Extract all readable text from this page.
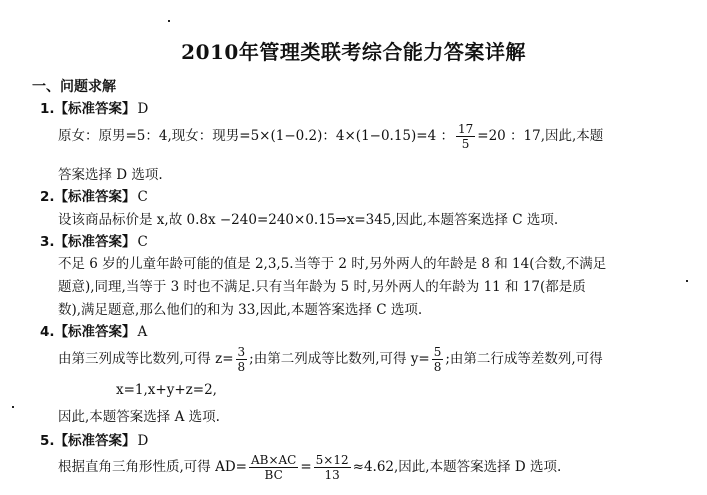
2010年管理类联考综合能力答案详解
一、问题求解
1.【标准答案】 D
原女：原男=5：4,现女：现男=5×(1−0.2)：4×(1−0.15)=4 ： $\frac{17}{5} =20$ ：17,因此,本题
答案选择 D 选项.
2.【标准答案】 C
设该商品标价是 x,故 0.8x −240=240×0.15⇒x=345,因此,本题答案选择 C 选项.
3.【标准答案】 C
不足 6 岁的儿童年龄可能的值是 2,3,5.当等于 2 时,另外两人的年龄是 8 和 14(合数,不满足
题意),同理,当等于 3 时也不满足.只有当年龄为 5 时,另外两人的年龄为 11 和 17(都是质
数),满足题意,那么他们的和为 33,因此,本题答案选择 C 选项.
4.【标准答案】 A
由第三列成等比数列,可得 $z= \frac{3}{8}$ ;由第二列成等比数列,可得 $y= \frac{5}{8}$ ;由第二行成等差数列,可得
x=1,x+y+z=2,
因此,本题答案选择 A 选项.
5.【标准答案】 D
根据直角三角形性质,可得 $AD= \frac{AB\times AC}{BC} = \frac{5\times 12}{13} \approx 4.62$,因此,本题答案选择 D 选项.
